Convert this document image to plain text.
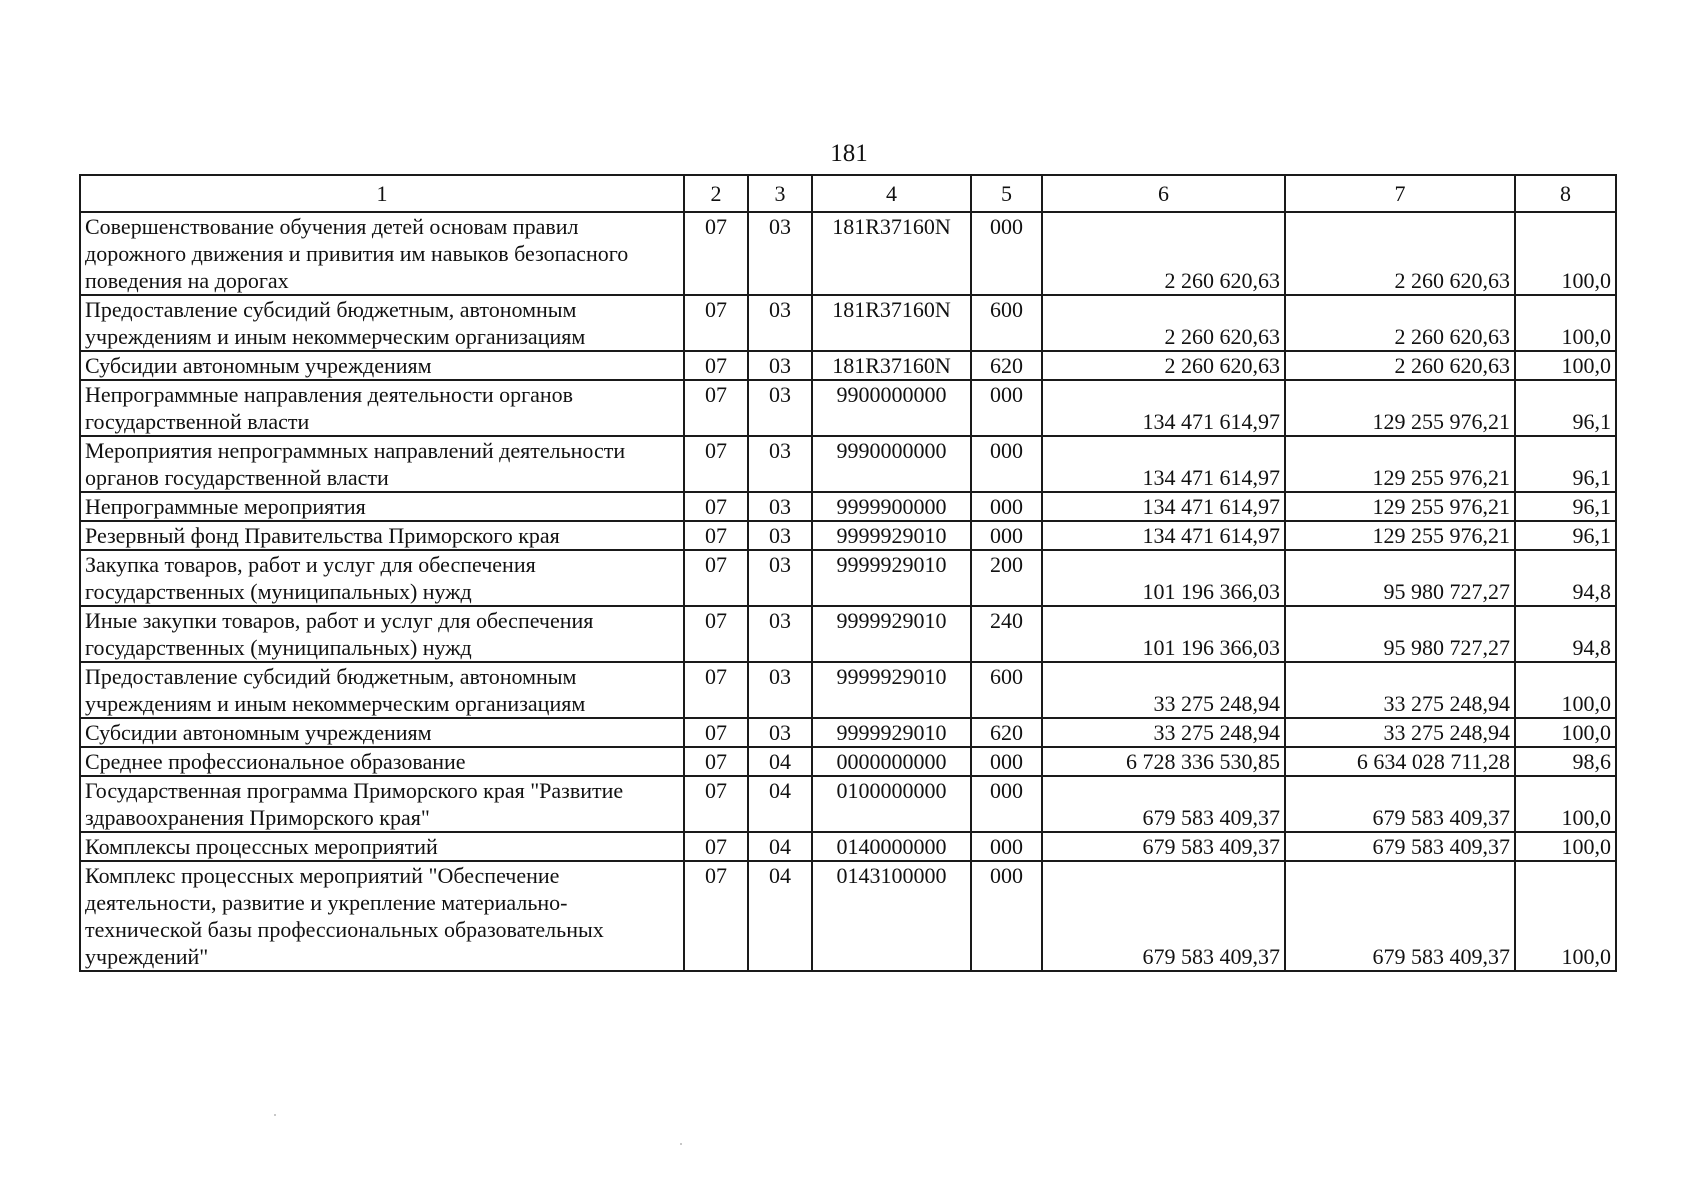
181
1	2	3	4	5	6	7	8
Совершенствование обучения детей основам правил дорожного движения и привития им навыков безопасного поведения на дорогах	07	03	181R37160N	000	2 260 620,63	2 260 620,63	100,0
Предоставление субсидий бюджетным, автономным учреждениям и иным некоммерческим организациям	07	03	181R37160N	600	2 260 620,63	2 260 620,63	100,0
Субсидии автономным учреждениям	07	03	181R37160N	620	2 260 620,63	2 260 620,63	100,0
Непрограммные направления деятельности органов государственной власти	07	03	9900000000	000	134 471 614,97	129 255 976,21	96,1
Мероприятия непрограммных направлений деятельности органов государственной власти	07	03	9990000000	000	134 471 614,97	129 255 976,21	96,1
Непрограммные мероприятия	07	03	9999900000	000	134 471 614,97	129 255 976,21	96,1
Резервный фонд Правительства Приморского края	07	03	9999929010	000	134 471 614,97	129 255 976,21	96,1
Закупка товаров, работ и услуг для обеспечения государственных (муниципальных) нужд	07	03	9999929010	200	101 196 366,03	95 980 727,27	94,8
Иные закупки товаров, работ и услуг для обеспечения государственных (муниципальных) нужд	07	03	9999929010	240	101 196 366,03	95 980 727,27	94,8
Предоставление субсидий бюджетным, автономным учреждениям и иным некоммерческим организациям	07	03	9999929010	600	33 275 248,94	33 275 248,94	100,0
Субсидии автономным учреждениям	07	03	9999929010	620	33 275 248,94	33 275 248,94	100,0
Среднее профессиональное образование	07	04	0000000000	000	6 728 336 530,85	6 634 028 711,28	98,6
Государственная программа Приморского края "Развитие здравоохранения Приморского края"	07	04	0100000000	000	679 583 409,37	679 583 409,37	100,0
Комплексы процессных мероприятий	07	04	0140000000	000	679 583 409,37	679 583 409,37	100,0
Комплекс процессных мероприятий "Обеспечение деятельности, развитие и укрепление материально-технической базы профессиональных образовательных учреждений"	07	04	0143100000	000	679 583 409,37	679 583 409,37	100,0
